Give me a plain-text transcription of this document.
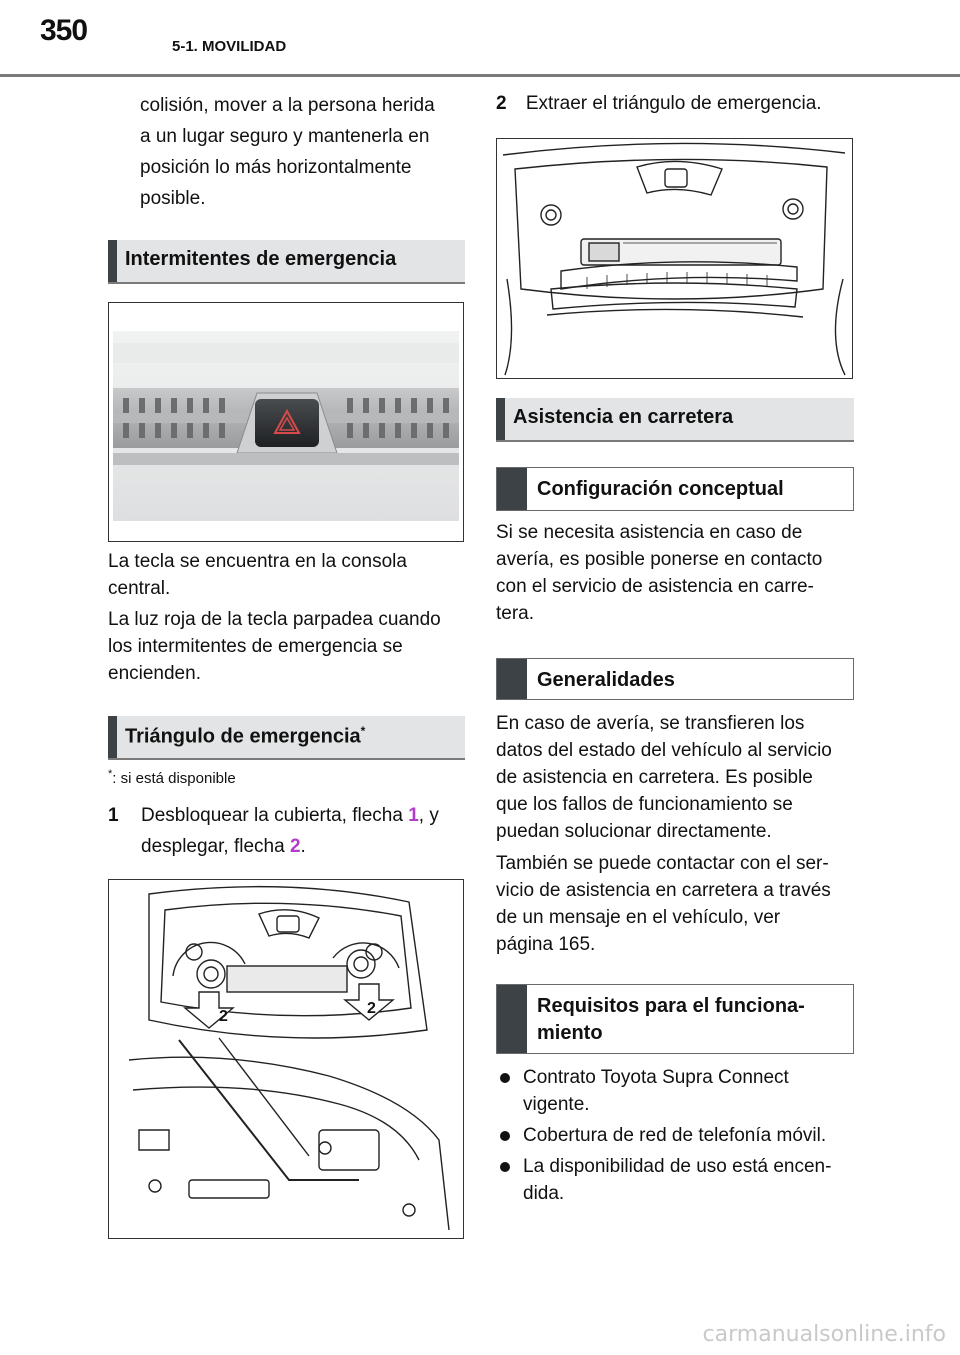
350	5-1. MOVILIDAD
colisión, mover a la persona herida
a un lugar seguro y mantenerla en
posición lo más horizontalmente
posible.
Intermitentes de emergencia
La tecla se encuentra en la consola
central.
La luz roja de la tecla parpadea cuando
los intermitentes de emergencia se
encienden.
Triángulo de emergencia*
*: si está disponible
1 Desbloquear la cubierta, flecha 1, y
desplegar, flecha 2.
2	2
2 Extraer el triángulo de emergencia.
Asistencia en carretera
Configuración conceptual
Si se necesita asistencia en caso de
avería, es posible ponerse en contacto
con el servicio de asistencia en carre-
tera.
Generalidades
En caso de avería, se transfieren los
datos del estado del vehículo al servicio
de asistencia en carretera. Es posible
que los fallos de funcionamiento se
puedan solucionar directamente.
También se puede contactar con el ser-
vicio de asistencia en carretera a través
de un mensaje en el vehículo, ver
página 165.
Requisitos para el funciona-
miento
Contrato Toyota Supra Connect
vigente.
Cobertura de red de telefonía móvil.
La disponibilidad de uso está encen-
dida.
carmanualsonline.info
